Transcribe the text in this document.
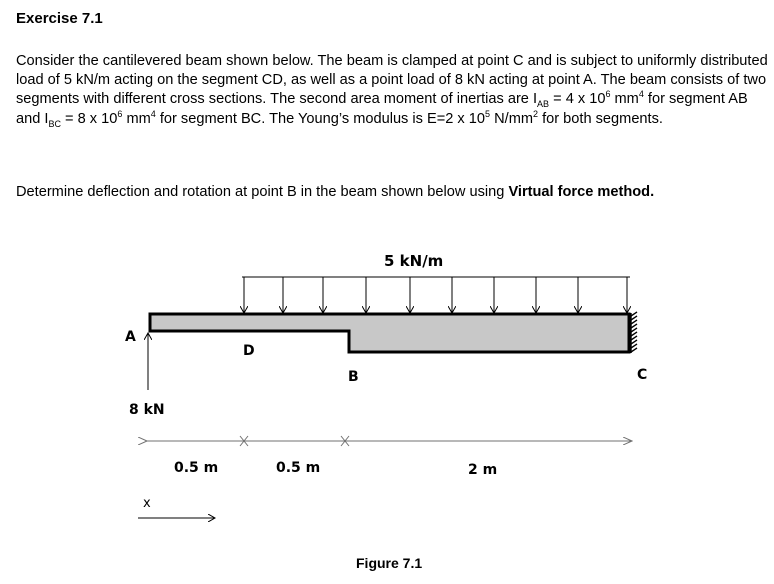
Exercise 7.1
Consider the cantilevered beam shown below. The beam is clamped at point C and is subject to uniformly distributed load of 5 kN/m acting on the segment CD, as well as a point load of 8 kN acting at point A. The beam consists of two segments with different cross sections. The second area moment of inertias are $I_{AB} = 4$ x $10^6$ $mm^4$ for segment AB and $I_{BC} = 8$ x $10^6$ $mm^4$ for segment BC. The Young’s modulus is E=2 x $10^5$ $N/mm^2$ for both segments.
Determine deflection and rotation at point B in the beam shown below using Virtual force method.
5 kN/m
A
D
B	C
8 kN
0.5 m	0.5 m	2 m
x
Figure 7.1
